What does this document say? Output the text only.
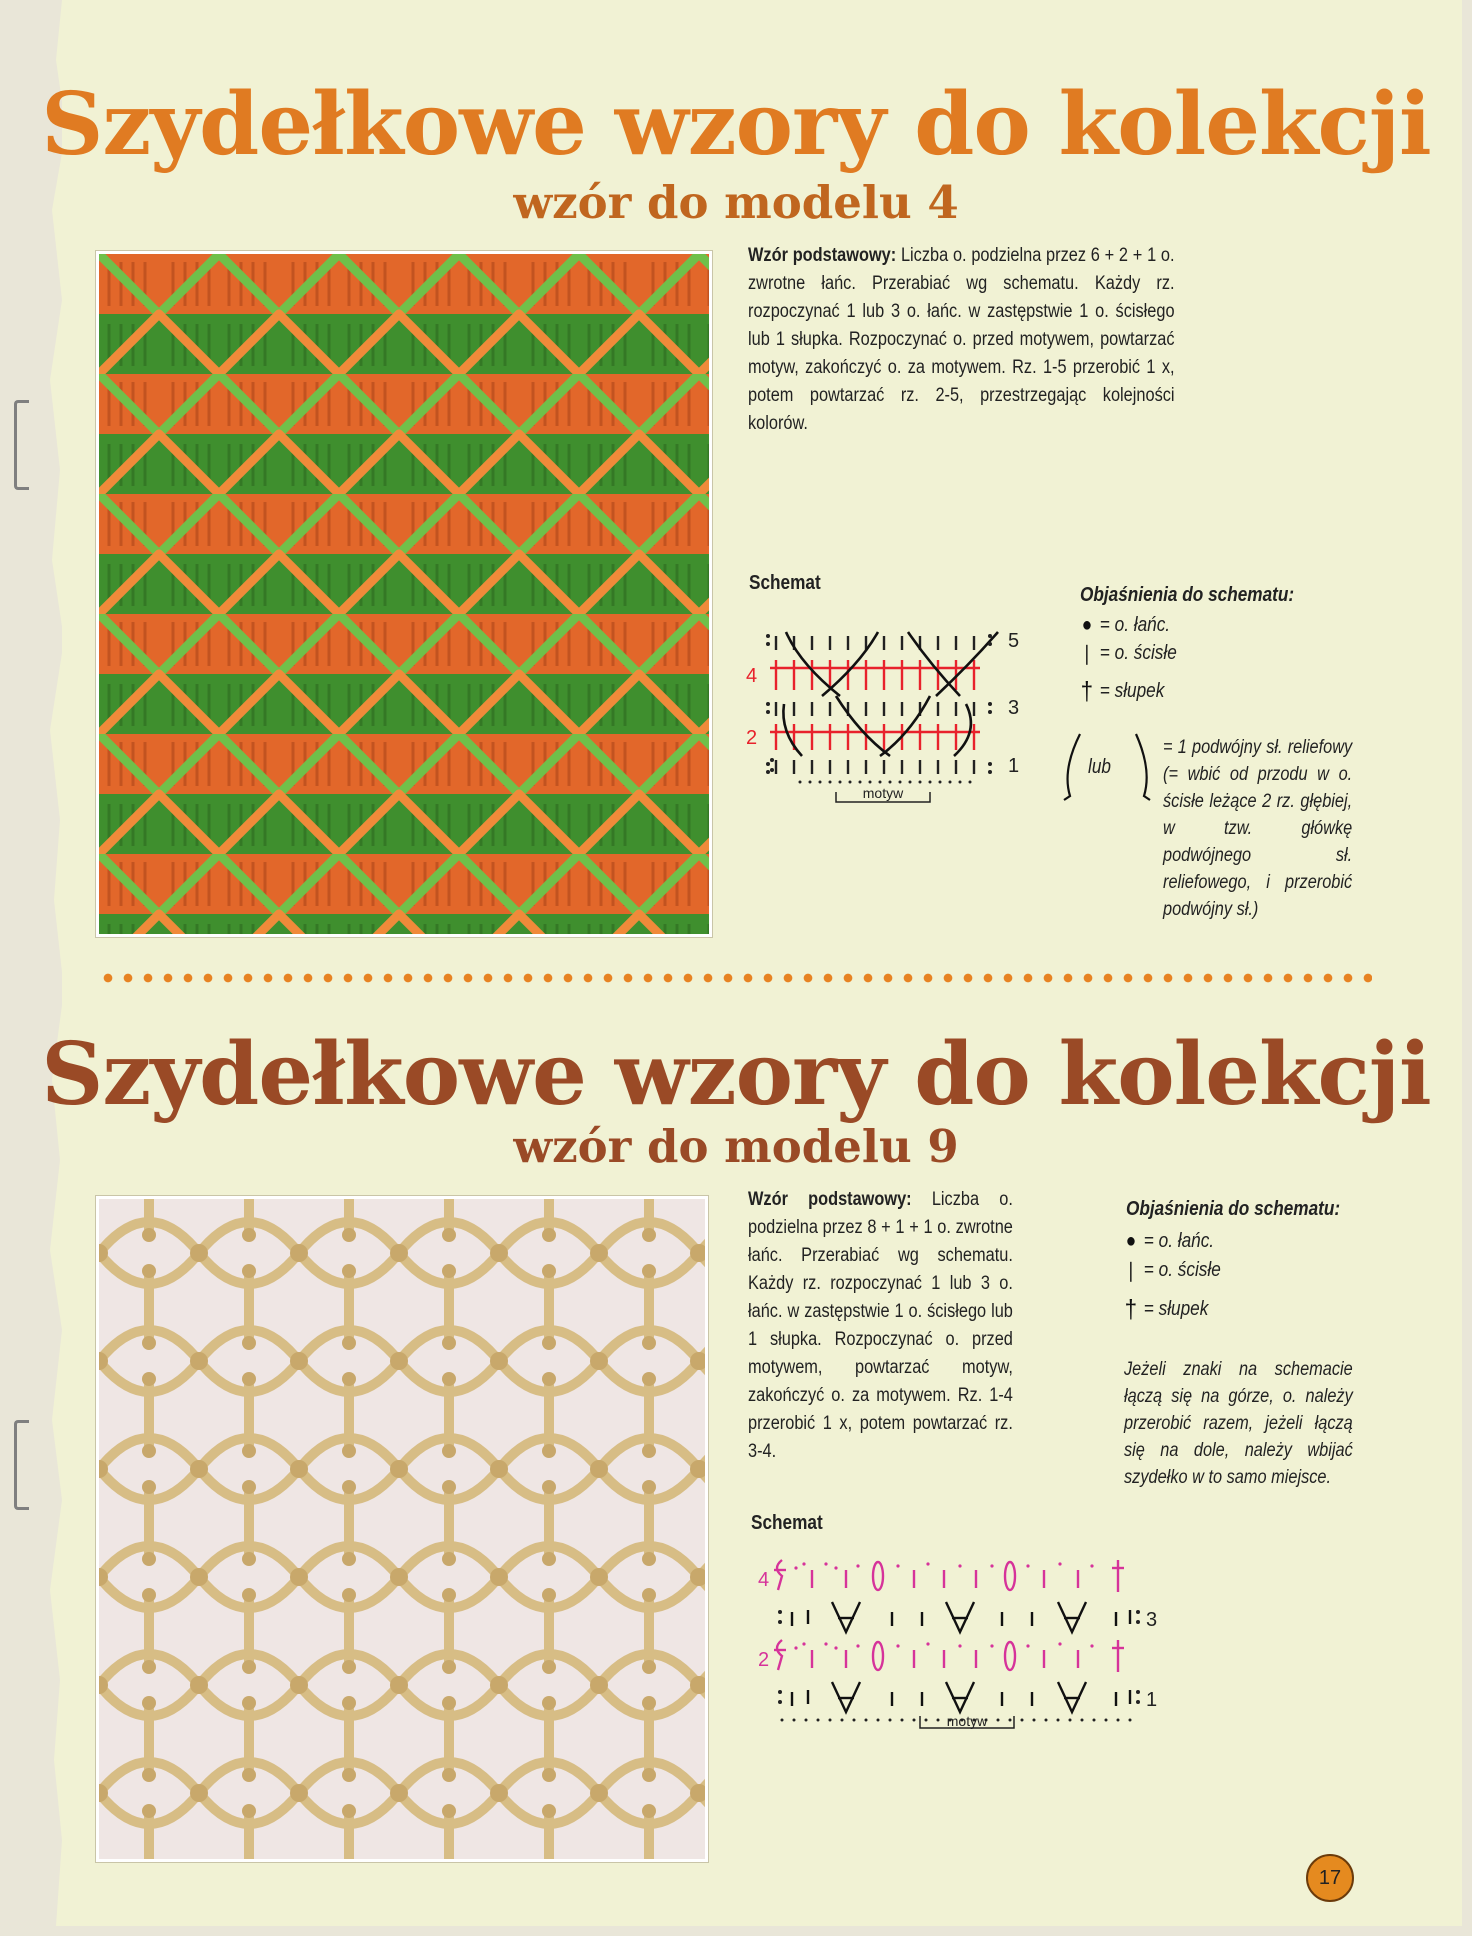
Szydełkowe wzory do kolekcji
wzór do modelu 4
Wzór podstawowy: Liczba o. podzielna przez 6 + 2 + 1 o. zwrotne łańc. Przerabiać wg schematu. Każdy rz. rozpoczynać 1 lub 3 o. łańc. w zastępstwie 1 o. ścisłego lub 1 słupka. Rozpoczynać o. przed motywem, powtarzać motyw, zakończyć o. za motywem. Rz. 1-5 przerobić 1 x, potem powtarzać rz. 2-5, przestrzegając kolejności kolorów.
Schemat
motyw
5
4
3
2
1
Objaśnienia do schematu:
● = o. łańc.
❘ = o. ścisłe
† = słupek
lub
= 1 podwójny sł. reliefowy (= wbić od przodu w o. ścisłe leżące 2 rz. głębiej, w tzw. główkę podwójnego sł. reliefowego, i przerobić podwójny sł.)
Szydełkowe wzory do kolekcji
wzór do modelu 9
Wzór podstawowy: Liczba o. podzielna przez 8 + 1 + 1 o. zwrotne łańc. Przerabiać wg schematu. Każdy rz. rozpoczynać 1 lub 3 o. łańc. w zastępstwie 1 o. ścisłego lub 1 słupka. Rozpoczynać o. przed motywem, powtarzać motyw, zakończyć o. za motywem. Rz. 1-4 przerobić 1 x, potem powtarzać rz. 3-4.
Objaśnienia do schematu:
● = o. łańc.
❘ = o. ścisłe
† = słupek
Jeżeli znaki na schemacie łączą się na górze, o. należy przerobić razem, jeżeli łączą się na dole, należy wbijać szydełko w to samo miejsce.
Schemat
motyw
4
3
2
1
17
